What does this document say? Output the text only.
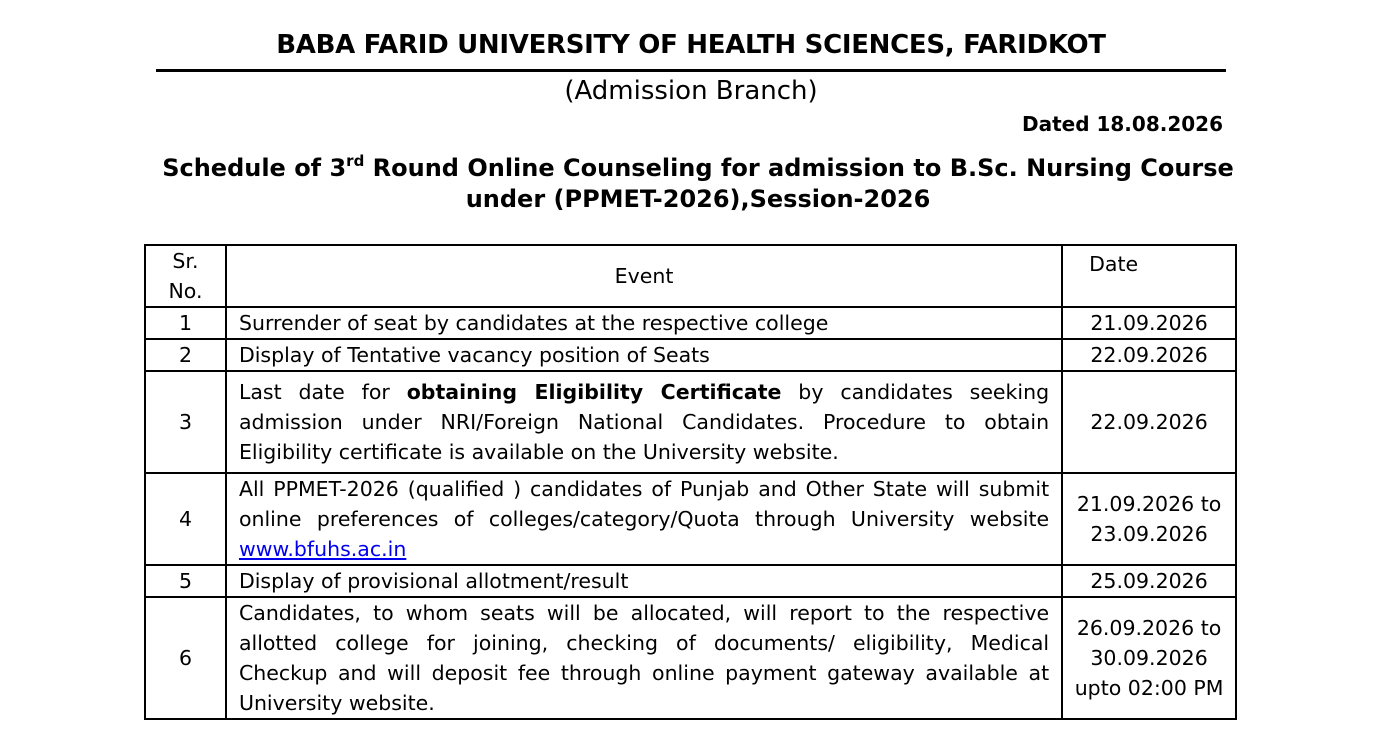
BABA FARID UNIVERSITY OF HEALTH SCIENCES, FARIDKOT
(Admission Branch)
Dated 18.08.2026
Schedule of 3rd Round Online Counseling for admission to B.Sc. Nursing Course
under (PPMET-2026),Session-2026
Sr. No.	Event	Date
1	Surrender of seat by candidates at the respective college	21.09.2026
2	Display of Tentative vacancy position of Seats	22.09.2026
3	Last date for obtaining Eligibility Certificate by candidates seeking admission under NRI/Foreign National Candidates. Procedure to obtain Eligibility certificate is available on the University website.	22.09.2026
4	All PPMET-2026 (qualified ) candidates of Punjab and Other State will submit online preferences of colleges/category/Quota through University website www.bfuhs.ac.in	21.09.2026 to 23.09.2026
5	Display of provisional allotment/result	25.09.2026
6	Candidates, to whom seats will be allocated, will report to the respective allotted college for joining, checking of documents/ eligibility, Medical Checkup and will deposit fee through online payment gateway available at University website.	26.09.2026 to 30.09.2026 upto 02:00 PM
